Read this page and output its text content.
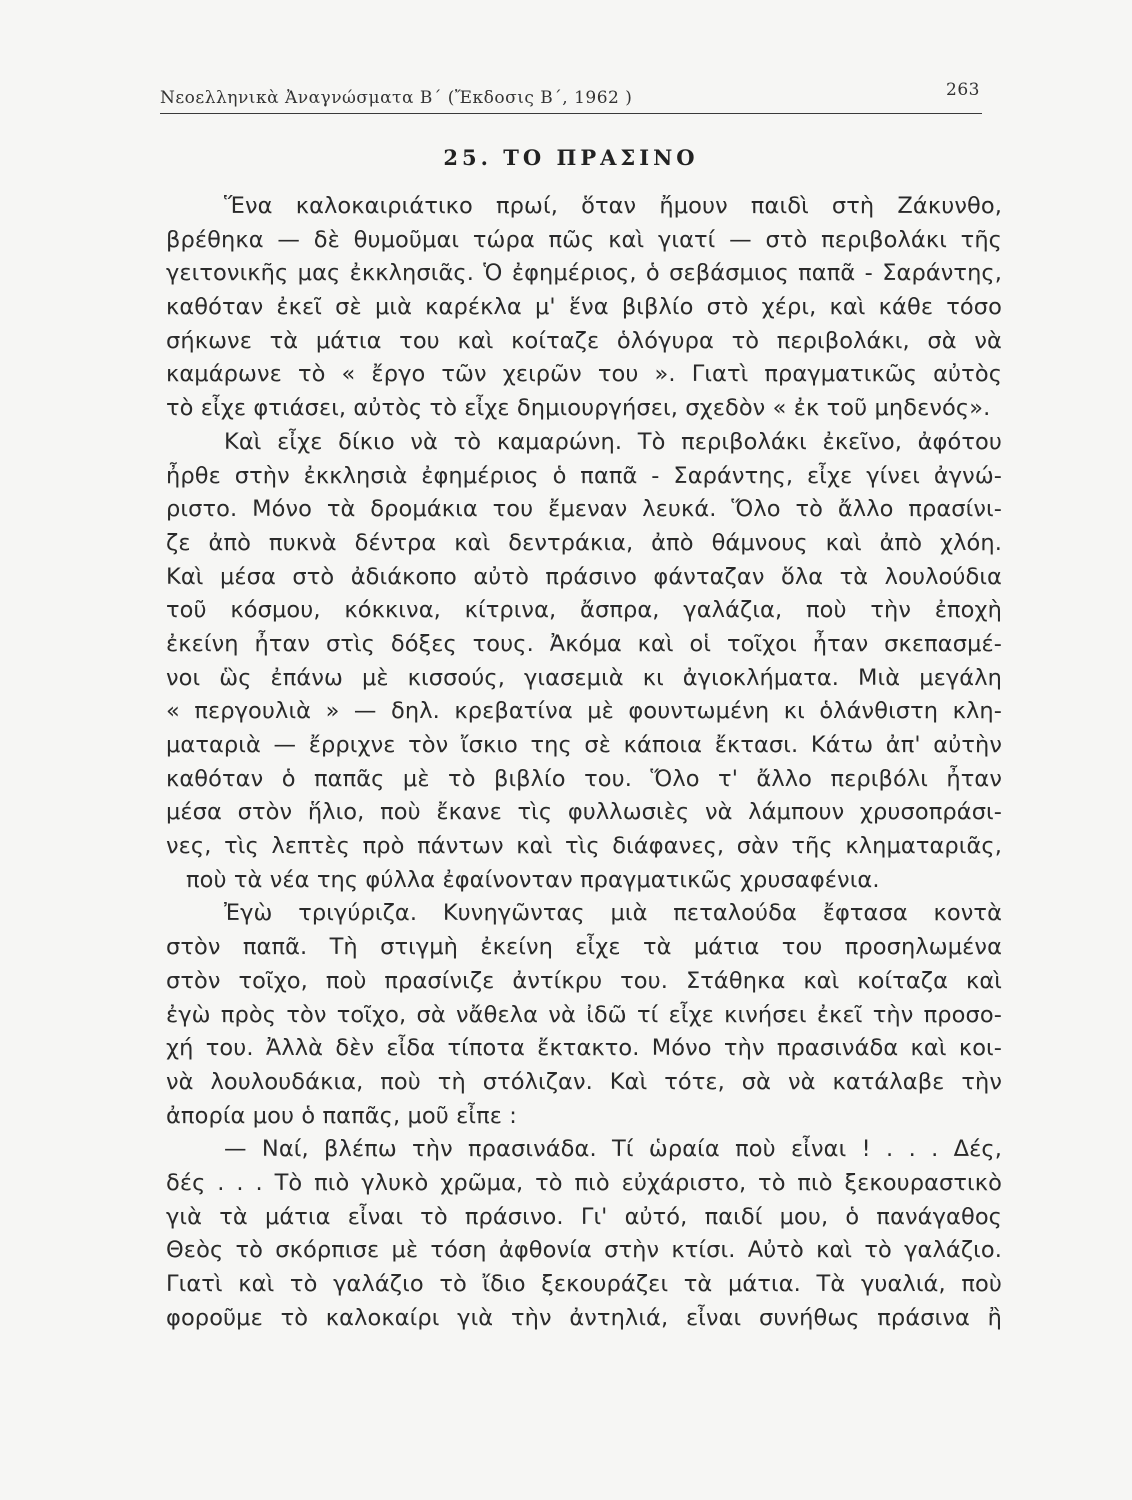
Νεοελληνικὰ Ἀναγνώσματα Β΄ (Ἔκδοσις Β΄, 1962 )	263
25. ΤΟ ΠΡΑΣΙΝΟ
Ἕνα καλοκαιριάτικο πρωί, ὅταν ἤμουν παιδὶ στὴ Ζάκυνθο,
βρέθηκα — δὲ θυμοῦμαι τώρα πῶς καὶ γιατί — στὸ περιβολάκι τῆς
γειτονικῆς μας ἐκκλησιᾶς. Ὁ ἐφημέριος, ὁ σεβάσμιος παπᾶ - Σαράντης,
καθόταν ἐκεῖ σὲ μιὰ καρέκλα μ' ἕνα βιβλίο στὸ χέρι, καὶ κάθε τόσο
σήκωνε τὰ μάτια του καὶ κοίταζε ὁλόγυρα τὸ περιβολάκι, σὰ νὰ
καμάρωνε τὸ « ἔργο τῶν χειρῶν του ». Γιατὶ πραγματικῶς αὐτὸς
τὸ εἶχε φτιάσει, αὐτὸς τὸ εἶχε δημιουργήσει, σχεδὸν « ἐκ τοῦ μηδενός».
Καὶ εἶχε δίκιο νὰ τὸ καμαρώνη. Τὸ περιβολάκι ἐκεῖνο, ἀφότου
ἦρθε στὴν ἐκκλησιὰ ἐφημέριος ὁ παπᾶ - Σαράντης, εἶχε γίνει ἀγνώ-
ριστο. Μόνο τὰ δρομάκια του ἔμεναν λευκά. Ὅλο τὸ ἄλλο πρασίνι-
ζε ἀπὸ πυκνὰ δέντρα καὶ δεντράκια, ἀπὸ θάμνους καὶ ἀπὸ χλόη.
Καὶ μέσα στὸ ἀδιάκοπο αὐτὸ πράσινο φάνταζαν ὅλα τὰ λουλούδια
τοῦ κόσμου, κόκκινα, κίτρινα, ἄσπρα, γαλάζια, ποὺ τὴν ἐποχὴ
ἐκείνη ἦταν στὶς δόξες τους. Ἀκόμα καὶ οἱ τοῖχοι ἦταν σκεπασμέ-
νοι ὣς ἐπάνω μὲ κισσούς, γιασεμιὰ κι ἀγιοκλήματα. Μιὰ μεγάλη
« περγουλιὰ » — δηλ. κρεβατίνα μὲ φουντωμένη κι ὁλάνθιστη κλη-
ματαριὰ — ἔρριχνε τὸν ἴσκιο της σὲ κάποια ἔκτασι. Κάτω ἀπ' αὐτὴν
καθόταν ὁ παπᾶς μὲ τὸ βιβλίο του. Ὅλο τ' ἄλλο περιβόλι ἦταν
μέσα στὸν ἥλιο, ποὺ ἔκανε τὶς φυλλωσιὲς νὰ λάμπουν χρυσοπράσι-
νες, τὶς λεπτὲς πρὸ πάντων καὶ τὶς διάφανες, σὰν τῆς κληματαριᾶς,
ποὺ τὰ νέα της φύλλα ἐφαίνονταν πραγματικῶς χρυσαφένια.
Ἐγὼ τριγύριζα. Κυνηγῶντας μιὰ πεταλούδα ἔφτασα κοντὰ
στὸν παπᾶ. Τὴ στιγμὴ ἐκείνη εἶχε τὰ μάτια του προσηλωμένα
στὸν τοῖχο, ποὺ πρασίνιζε ἀντίκρυ του. Στάθηκα καὶ κοίταζα καὶ
ἐγὼ πρὸς τὸν τοῖχο, σὰ νἄθελα νὰ ἰδῶ τί εἶχε κινήσει ἐκεῖ τὴν προσο-
χή του. Ἀλλὰ δὲν εἶδα τίποτα ἔκτακτο. Μόνο τὴν πρασινάδα καὶ κοι-
νὰ λουλουδάκια, ποὺ τὴ στόλιζαν. Καὶ τότε, σὰ νὰ κατάλαβε τὴν
ἀπορία μου ὁ παπᾶς, μοῦ εἶπε :
— Ναί, βλέπω τὴν πρασινάδα. Τί ὡραία ποὺ εἶναι ! . . . Δές,
δές . . . Τὸ πιὸ γλυκὸ χρῶμα, τὸ πιὸ εὐχάριστο, τὸ πιὸ ξεκουραστικὸ
γιὰ τὰ μάτια εἶναι τὸ πράσινο. Γι' αὐτό, παιδί μου, ὁ πανάγαθος
Θεὸς τὸ σκόρπισε μὲ τόση ἀφθονία στὴν κτίσι. Αὐτὸ καὶ τὸ γαλάζιο.
Γιατὶ καὶ τὸ γαλάζιο τὸ ἴδιο ξεκουράζει τὰ μάτια. Τὰ γυαλιά, ποὺ
φοροῦμε τὸ καλοκαίρι γιὰ τὴν ἀντηλιά, εἶναι συνήθως πράσινα ἢ
